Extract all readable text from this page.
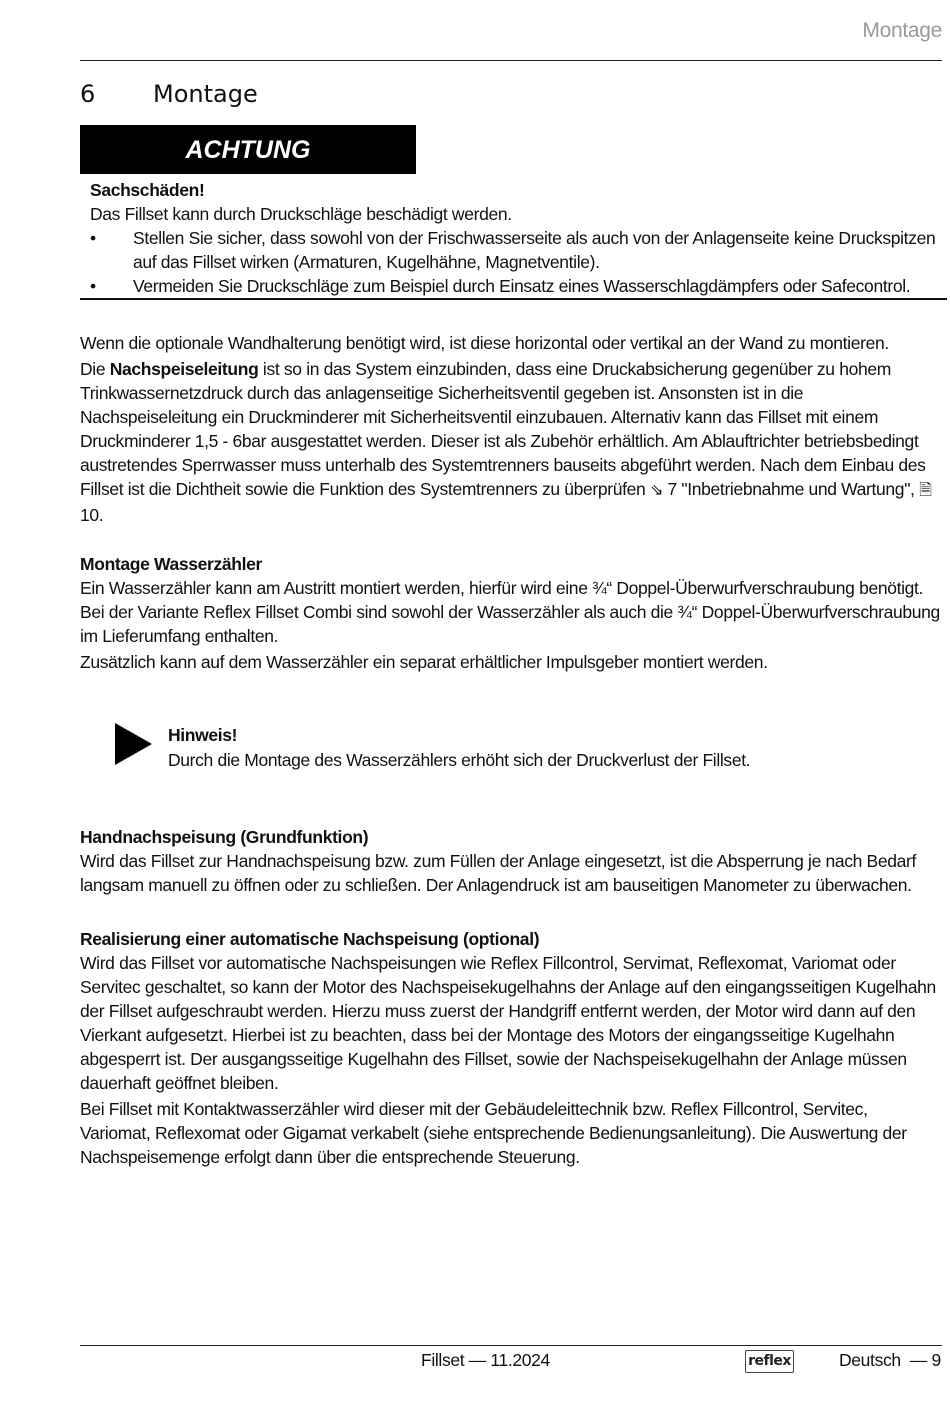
Montage
6 Montage
ACHTUNG
Sachschäden!
Das Fillset kann durch Druckschläge beschädigt werden.
• Stellen Sie sicher, dass sowohl von der Frischwasserseite als auch von der Anlagenseite keine Druckspitzen auf das Fillset wirken (Armaturen, Kugelhähne, Magnetventile).
• Vermeiden Sie Druckschläge zum Beispiel durch Einsatz eines Wasserschlagdämpfers oder Safecontrol.

Wenn die optionale Wandhalterung benötigt wird, ist diese horizontal oder vertikal an der Wand zu montieren.

Die Nachspeiseleitung ist so in das System einzubinden, dass eine Druckabsicherung gegenüber zu hohem Trinkwassernetzdruck durch das anlagenseitige Sicherheitsventil gegeben ist. Ansonsten ist in die Nachspeiseleitung ein Druckminderer mit Sicherheitsventil einzubauen. Alternativ kann das Fillset mit einem Druckminderer 1,5 - 6bar ausgestattet werden. Dieser ist als Zubehör erhältlich. Am Ablauftrichter betriebsbedingt austretendes Sperrwasser muss unterhalb des Systemtrenners bauseits abgeführt werden. Nach dem Einbau des Fillset ist die Dichtheit sowie die Funktion des Systemtrenners zu überprüfen ⇘ 7 "Inbetriebnahme und Wartung", 🗎 10.

Montage Wasserzähler

Ein Wasserzähler kann am Austritt montiert werden, hierfür wird eine ¾“ Doppel-Überwurfverschraubung benötigt. Bei der Variante Reflex Fillset Combi sind sowohl der Wasserzähler als auch die ¾“ Doppel-Überwurfverschraubung im Lieferumfang enthalten.

Zusätzlich kann auf dem Wasserzähler ein separat erhältlicher Impulsgeber montiert werden.

Hinweis!
Durch die Montage des Wasserzählers erhöht sich der Druckverlust der Fillset.
Handnachspeisung (Grundfunktion)

Wird das Fillset zur Handnachspeisung bzw. zum Füllen der Anlage eingesetzt, ist die Absperrung je nach Bedarf langsam manuell zu öffnen oder zu schließen. Der Anlagendruck ist am bauseitigen Manometer zu überwachen.

Realisierung einer automatische Nachspeisung (optional)

Wird das Fillset vor automatische Nachspeisungen wie Reflex Fillcontrol, Servimat, Reflexomat, Variomat oder Servitec geschaltet, so kann der Motor des Nachspeisekugelhahns der Anlage auf den eingangsseitigen Kugelhahn der Fillset aufgeschraubt werden. Hierzu muss zuerst der Handgriff entfernt werden, der Motor wird dann auf den Vierkant aufgesetzt. Hierbei ist zu beachten, dass bei der Montage des Motors der eingangsseitige Kugelhahn abgesperrt ist. Der ausgangsseitige Kugelhahn des Fillset, sowie der Nachspeisekugelhahn der Anlage müssen dauerhaft geöffnet bleiben.

Bei Fillset mit Kontaktwasserzähler wird dieser mit der Gebäudeleittechnik bzw. Reflex Fillcontrol, Servitec, Variomat, Reflexomat oder Gigamat verkabelt (siehe entsprechende Bedienungsanleitung). Die Auswertung der Nachspeisemenge erfolgt dann über die entsprechende Steuerung.

Fillset — 11.2024	reflex	Deutsch — 9
